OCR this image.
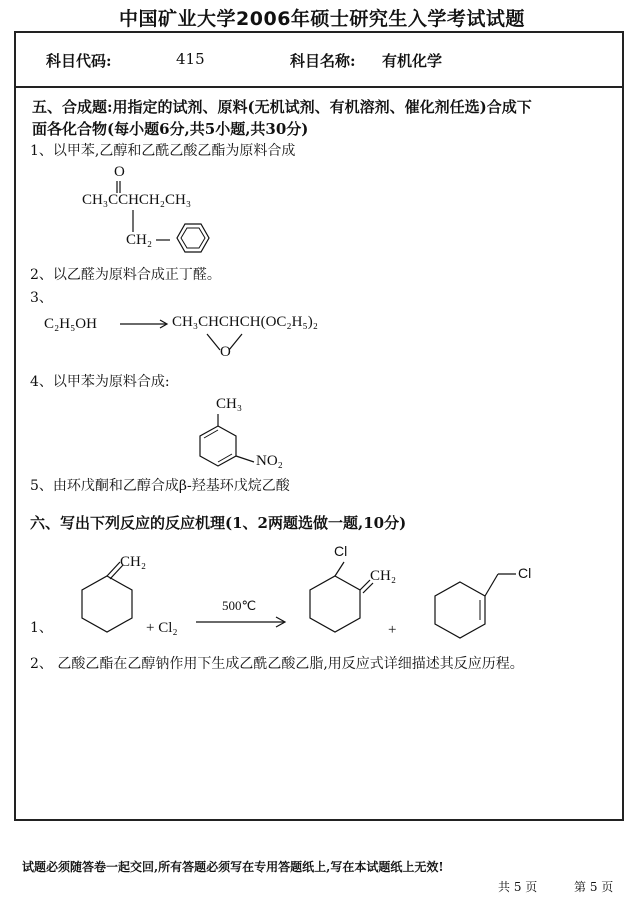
中国矿业大学2006年硕士研究生入学考试试题
科目代码:	415	科目名称: 有机化学
五、合成题:用指定的试剂、原料(无机试剂、有机溶剂、催化剂任选)合成下
面各化合物(每小题6分,共5小题,共30分)
1、以甲苯,乙醇和乙酰乙酸乙酯为原料合成
O
CH₃CCHCH₂CH₃
CH₂
2、以乙醛为原料合成正丁醛。
3、
C₂H₅OH	CH₃CHCHCH(OC₂H₅)₂
O
4、以甲苯为原料合成:
CH₃
NO₂
5、由环戊酮和乙醇合成β-羟基环戊烷乙酸
六、写出下列反应的反应机理(1、2两题选做一题,10分)
1、
CH₂
+ Cl₂
500℃
Cl
CH₂
+
Cl
2、 乙酸乙酯在乙醇钠作用下生成乙酰乙酸乙脂,用反应式详细描述其反应历程。
试题必须随答卷一起交回,所有答题必须写在专用答题纸上,写在本试题纸上无效!
共 5 页	第 5 页
